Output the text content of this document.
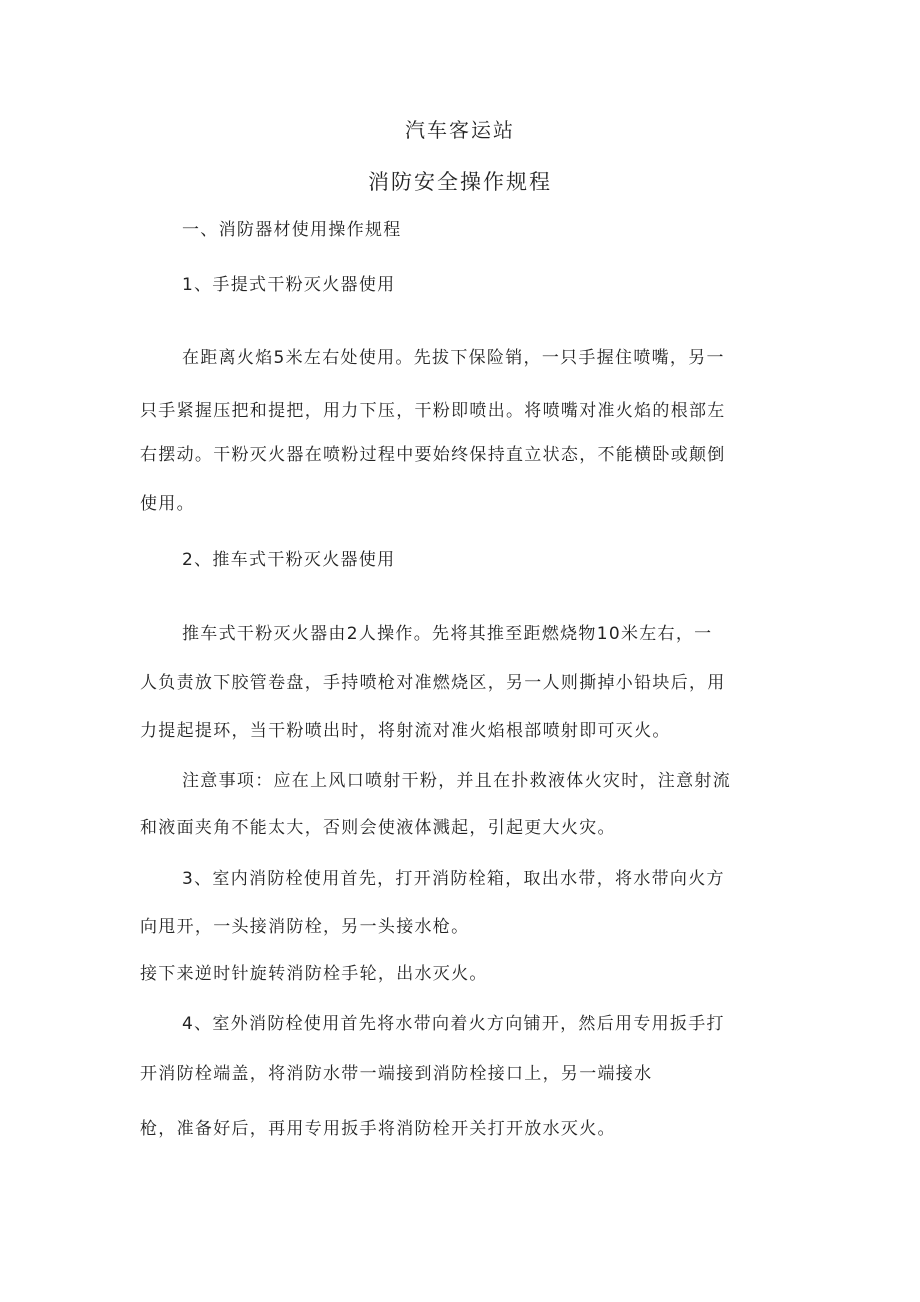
汽车客运站
消防安全操作规程
一、消防器材使用操作规程
1、手提式干粉灭火器使用
在距离火焰5米左右处使用。先拔下保险销，一只手握住喷嘴，另一
只手紧握压把和提把，用力下压，干粉即喷出。将喷嘴对准火焰的根部左
右摆动。干粉灭火器在喷粉过程中要始终保持直立状态，不能横卧或颠倒
使用。
2、推车式干粉灭火器使用
推车式干粉灭火器由2人操作。先将其推至距燃烧物10米左右，一
人负责放下胶管卷盘，手持喷枪对准燃烧区，另一人则撕掉小铅块后，用
力提起提环，当干粉喷出时，将射流对准火焰根部喷射即可灭火。
注意事项：应在上风口喷射干粉，并且在扑救液体火灾时，注意射流
和液面夹角不能太大，否则会使液体溅起，引起更大火灾。
3、室内消防栓使用首先，打开消防栓箱，取出水带，将水带向火方
向甩开，一头接消防栓，另一头接水枪。
接下来逆时针旋转消防栓手轮，出水灭火。
4、室外消防栓使用首先将水带向着火方向铺开，然后用专用扳手打
开消防栓端盖，将消防水带一端接到消防栓接口上，另一端接水
枪，准备好后，再用专用扳手将消防栓开关打开放水灭火。
